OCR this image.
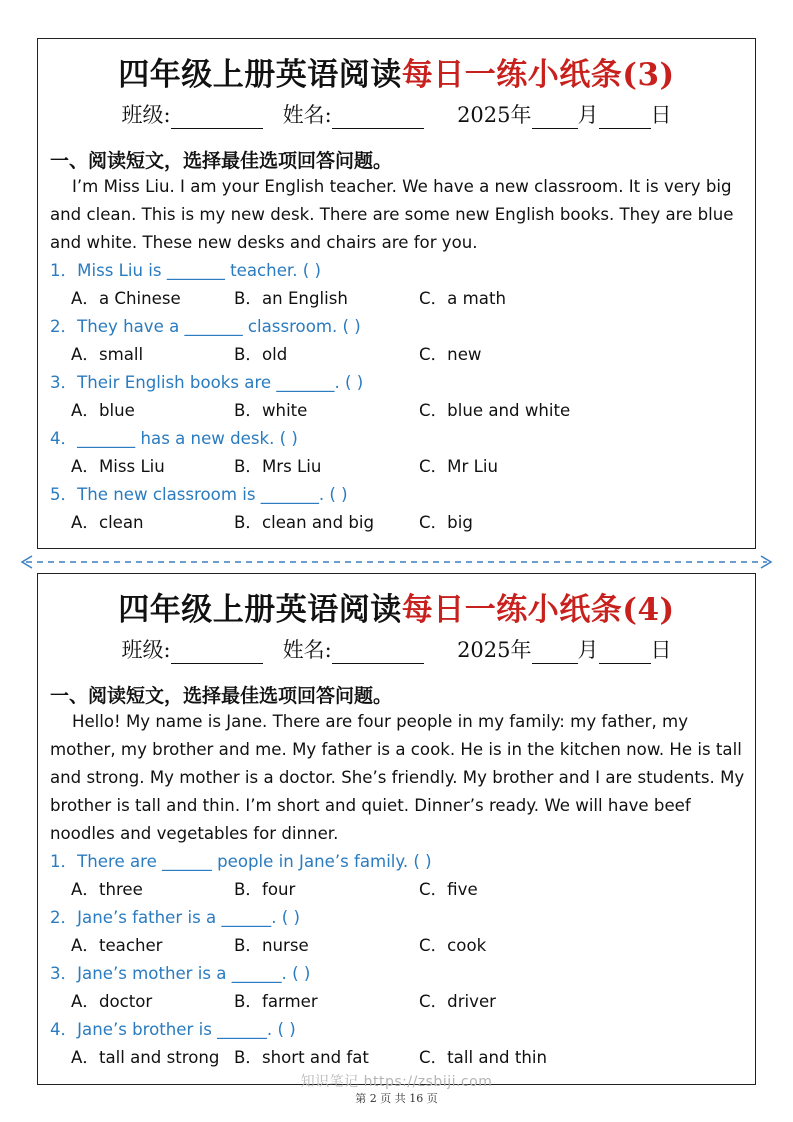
四年级上册英语阅读每日一练小纸条(3)
班级:	姓名:	2025年 月 日
一、阅读短文，选择最佳选项回答问题。
I’m Miss Liu. I am your English teacher. We have a new classroom. It is very big and clean. This is my new desk. There are some new English books. They are blue and white. These new desks and chairs are for you.
1．Miss Liu is _______ teacher. ( )
A．a Chinese	B．an English	C．a math
2．They have a _______ classroom. ( )
A．small	B．old	C．new
3．Their English books are _______. ( )
A．blue	B．white	C．blue and white
4．_______ has a new desk. ( )
A．Miss Liu	B．Mrs Liu	C．Mr Liu
5．The new classroom is _______. ( )
A．clean	B．clean and big	C．big
四年级上册英语阅读每日一练小纸条(4)
班级:	姓名:	2025年 月 日
一、阅读短文，选择最佳选项回答问题。
Hello! My name is Jane. There are four people in my family: my father, my mother, my brother and me. My father is a cook. He is in the kitchen now. He is tall and strong. My mother is a doctor. She’s friendly. My brother and I are students. My brother is tall and thin. I’m short and quiet. Dinner’s ready. We will have beef noodles and vegetables for dinner.
1．There are ______ people in Jane’s family. ( )
A．three	B．four	C．five
2．Jane’s father is a ______. ( )
A．teacher	B．nurse	C．cook
3．Jane’s mother is a ______. ( )
A．doctor	B．farmer	C．driver
4．Jane’s brother is ______. ( )
A．tall and strong B．short and fat	C．tall and thin
知识笔记 https://zsbiji.com
第 2 页 共 16 页
